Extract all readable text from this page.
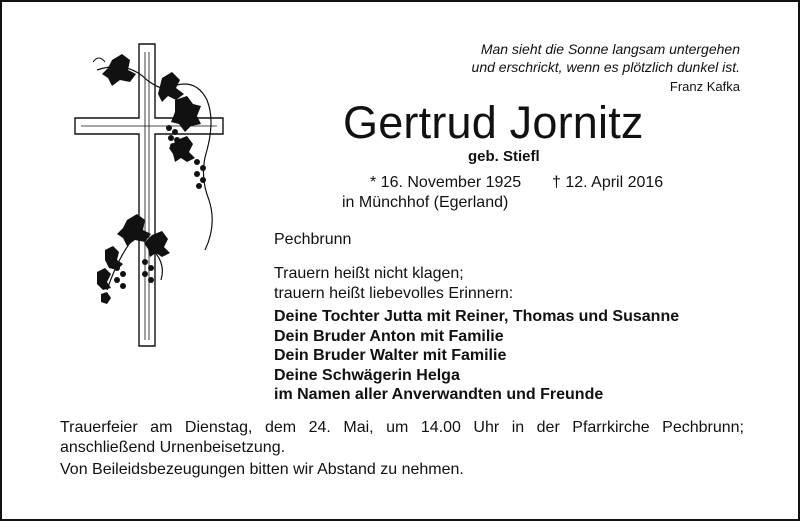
Man sieht die Sonne langsam untergehen
und erschrickt, wenn es plötzlich dunkel ist.
Franz Kafka
Gertrud Jornitz
geb. Stiefl
* 16. November 1925 † 12. April 2016
in Münchhof (Egerland)
Pechbrunn
Trauern heißt nicht klagen;
trauern heißt liebevolles Erinnern:
Deine Tochter Jutta mit Reiner, Thomas und Susanne
Dein Bruder Anton mit Familie
Dein Bruder Walter mit Familie
Deine Schwägerin Helga
im Namen aller Anverwandten und Freunde
Trauerfeier am Dienstag, dem 24. Mai, um 14.00 Uhr in der Pfarrkirche Pechbrunn; anschließend Urnenbeisetzung.
Von Beileidsbezeugungen bitten wir Abstand zu nehmen.
